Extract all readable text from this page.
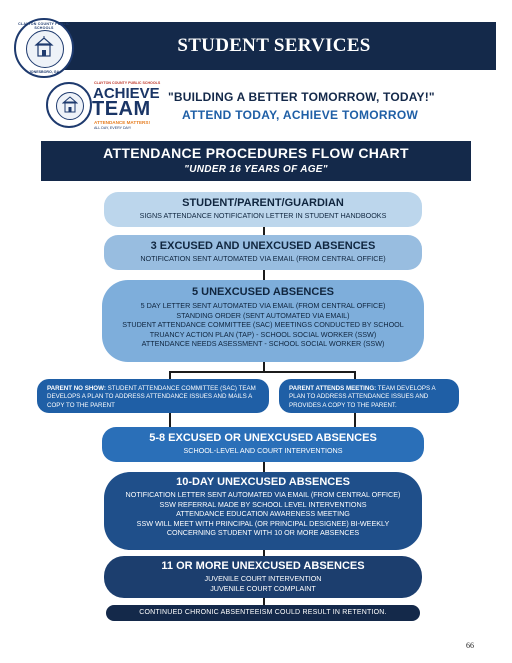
STUDENT SERVICES
CLAYTON COUNTY PUBLIC SCHOOLS
JONESBORO, GA
CLAYTON COUNTY PUBLIC SCHOOLS
ACHIEVE
TEAM
ATTENDANCE MATTERS!
ALL DAY, EVERY DAY!
"BUILDING A BETTER TOMORROW, TODAY!"
ATTEND TODAY, ACHIEVE TOMORROW
ATTENDANCE PROCEDURES FLOW CHART
"UNDER 16 YEARS OF AGE"
STUDENT/PARENT/GUARDIAN
SIGNS ATTENDANCE NOTIFICATION LETTER IN STUDENT HANDBOOKS
3 EXCUSED AND UNEXCUSED ABSENCES
NOTIFICATION SENT AUTOMATED VIA EMAIL (FROM CENTRAL OFFICE)
5 UNEXCUSED ABSENCES
5 DAY LETTER SENT AUTOMATED VIA EMAIL (FROM CENTRAL OFFICE)
STANDING ORDER (SENT AUTOMATED VIA EMAIL)
STUDENT ATTENDANCE COMMITTEE (SAC) MEETINGS CONDUCTED BY SCHOOL
TRUANCY ACTION PLAN (TAP) - SCHOOL SOCIAL WORKER (SSW)
ATTENDANCE NEEDS ASESSMENT - SCHOOL SOCIAL WORKER (SSW)
PARENT NO SHOW: STUDENT ATTENDANCE COMMITTEE (SAC) TEAM DEVELOPS A PLAN TO ADDRESS ATTENDANCE ISSUES AND MAILS A COPY TO THE PARENT
PARENT ATTENDS MEETING: TEAM DEVELOPS A PLAN TO ADDRESS ATTENDANCE ISSUES AND PROVIDES A COPY TO THE PARENT.
5-8 EXCUSED OR UNEXCUSED ABSENCES
SCHOOL-LEVEL AND COURT INTERVENTIONS
10-DAY UNEXCUSED ABSENCES
NOTIFICATION LETTER SENT AUTOMATED VIA EMAIL (FROM CENTRAL OFFICE)
SSW REFERRAL MADE BY SCHOOL LEVEL INTERVENTIONS
ATTENDANCE EDUCATION AWARENESS MEETING
SSW WILL MEET WITH PRINCIPAL (OR PRINCIPAL DESIGNEE) BI-WEEKLY
CONCERNING STUDENT WITH 10 OR MORE ABSENCES
11 OR MORE UNEXCUSED ABSENCES
JUVENILE COURT INTERVENTION
JUVENILE COURT COMPLAINT
CONTINUED CHRONIC ABSENTEEISM COULD RESULT IN RETENTION.
66
